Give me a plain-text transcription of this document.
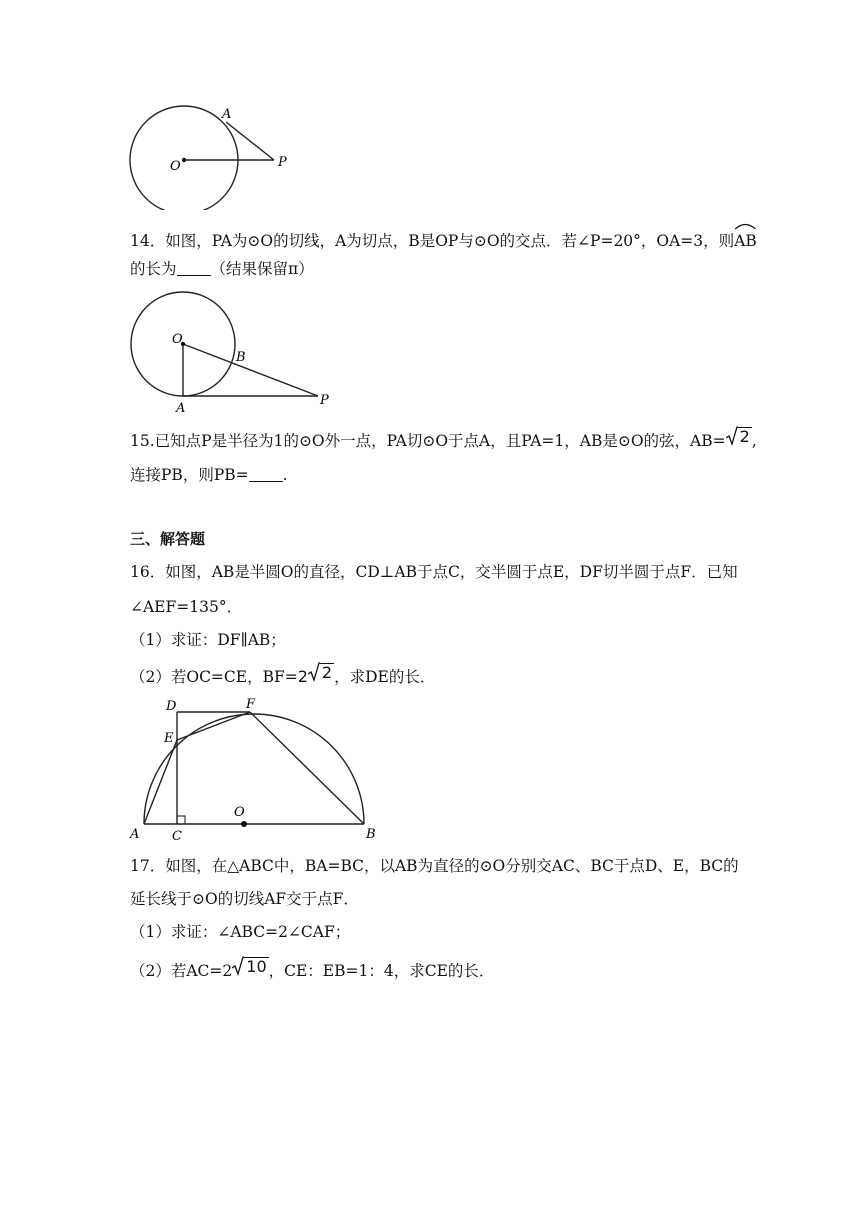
O
A
P
14．如图，PA为⊙O的切线，A为切点，B是OP与⊙O的交点．若∠P=20°，OA=3，则
AB
的长为 （结果保留π）
O
B
A
P
15.已知点P是半径为1的⊙O外一点，PA切⊙O于点A，且PA=1，AB是⊙O的弦，AB= 2 ,
连接PB，则PB= .
三、解答题
16．如图，AB是半圆O的直径，CD⊥AB于点C，交半圆于点E，DF切半圆于点F．已知
∠AEF=135°．
（1）求证：DF∥AB；
（2）若OC=CE，BF=2 2 ，求DE的长．
D	F
E
O
A	C	B
17．如图，在△ABC中，BA=BC，以AB为直径的⊙O分别交AC、BC于点D、E，BC的
延长线于⊙O的切线AF交于点F．
（1）求证：∠ABC=2∠CAF；
（2）若AC=2 10 ，CE：EB=1：4，求CE的长．
